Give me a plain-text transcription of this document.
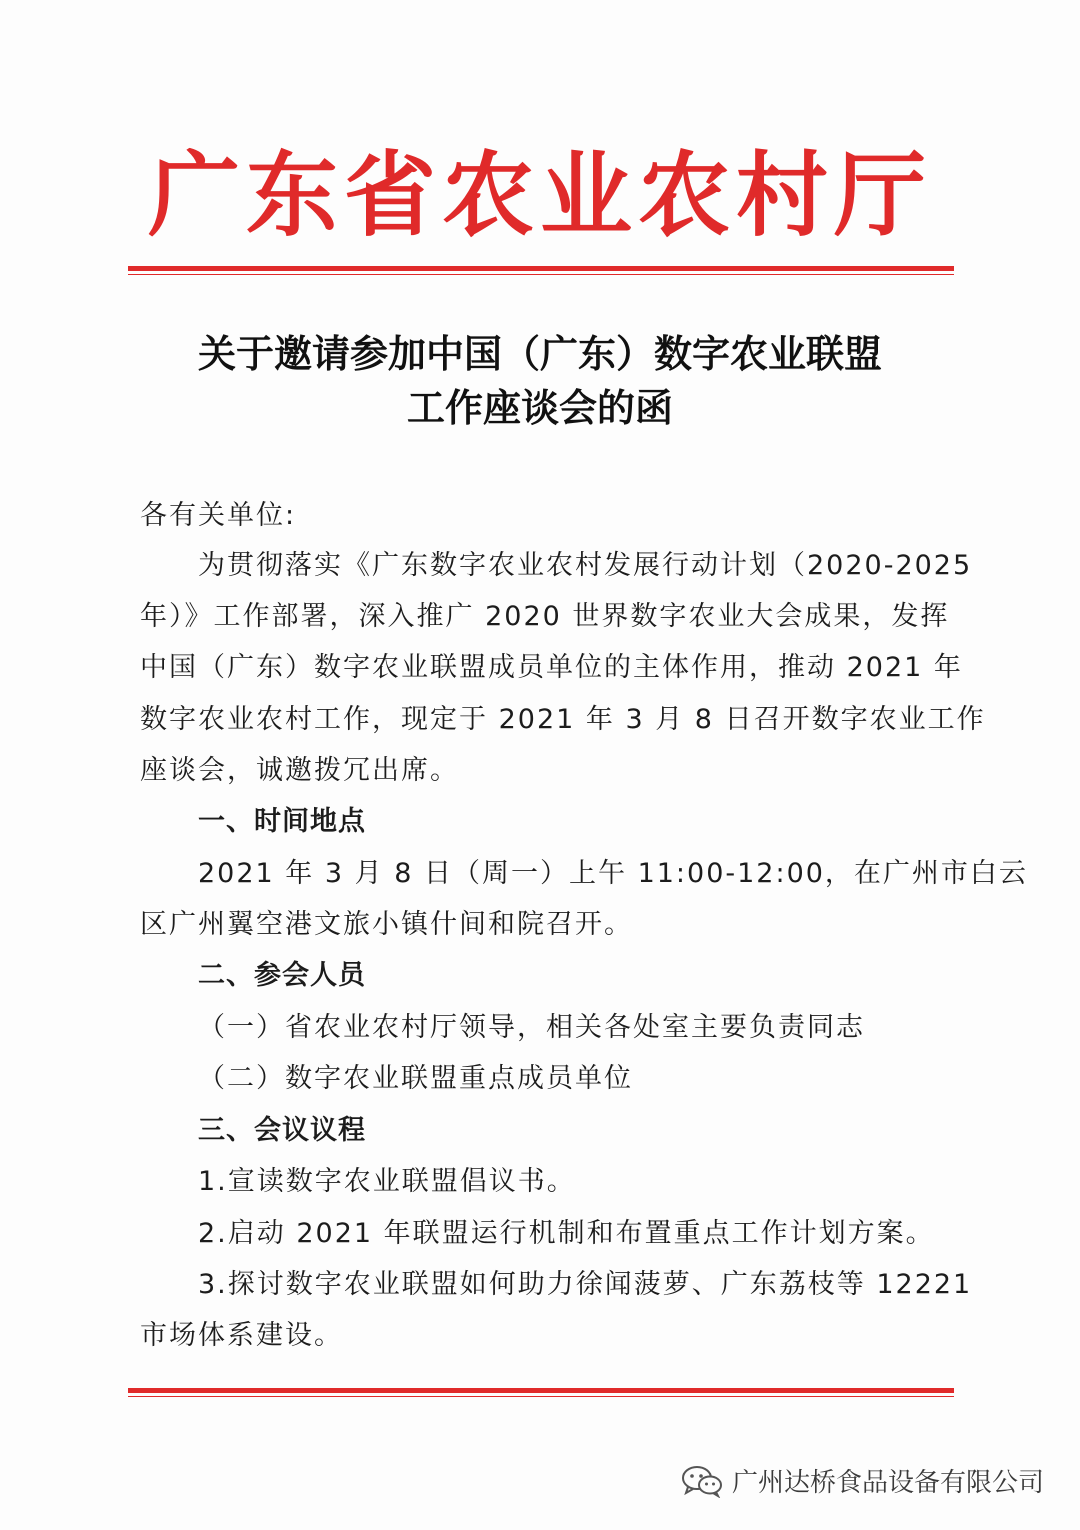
广东省农业农村厅
关于邀请参加中国（广东）数字农业联盟
工作座谈会的函
各有关单位:
为贯彻落实《广东数字农业农村发展行动计划（2020-2025
年）》工作部署，深入推广 2020 世界数字农业大会成果，发挥
中国（广东）数字农业联盟成员单位的主体作用，推动 2021 年
数字农业农村工作，现定于 2021 年 3 月 8 日召开数字农业工作
座谈会，诚邀拨冗出席。
一、时间地点
2021 年 3 月 8 日（周一）上午 11:00-12:00，在广州市白云
区广州翼空港文旅小镇什间和院召开。
二、参会人员
（一）省农业农村厅领导，相关各处室主要负责同志
（二）数字农业联盟重点成员单位
三、会议议程
1.宣读数字农业联盟倡议书。
2.启动 2021 年联盟运行机制和布置重点工作计划方案。
3.探讨数字农业联盟如何助力徐闻菠萝、广东荔枝等 12221
市场体系建设。
广州达桥食品设备有限公司
